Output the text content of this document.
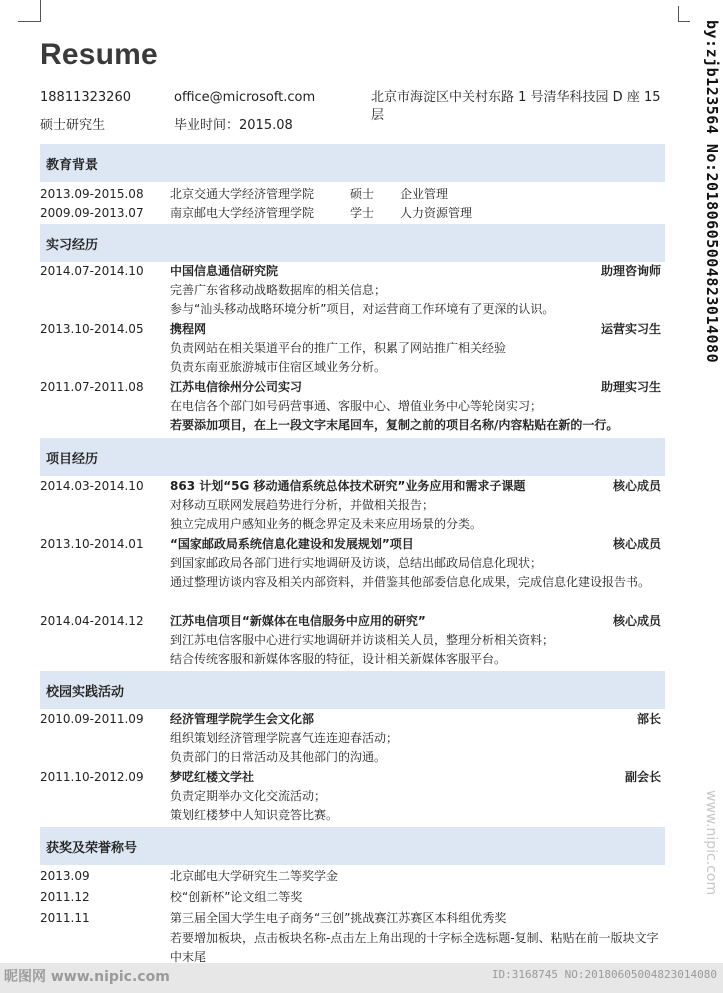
Resume
18811323260	office@microsoft.com	北京市海淀区中关村东路 1 号清华科技园 D 座 15 层
硕士研究生	毕业时间：2015.08
教育背景
2013.09-2015.08 北京交通大学经济管理学院	硕士 企业管理
2009.09-2013.07 南京邮电大学经济管理学院	学士 人力资源管理
实习经历
2014.07-2014.10 中国信息通信研究院	助理咨询师
完善广东省移动战略数据库的相关信息；
参与“汕头移动战略环境分析”项目，对运营商工作环境有了更深的认识。
2013.10-2014.05 携程网	运营实习生
负责网站在相关渠道平台的推广工作，积累了网站推广相关经验
负责东南亚旅游城市住宿区域业务分析。
2011.07-2011.08 江苏电信徐州分公司实习	助理实习生
在电信各个部门如号码营事通、客服中心、增值业务中心等轮岗实习；
若要添加项目，在上一段文字末尾回车，复制之前的项目名称/内容粘贴在新的一行。
项目经历
2014.03-2014.10 863 计划“5G 移动通信系统总体技术研究”业务应用和需求子课题	核心成员
对移动互联网发展趋势进行分析，并做相关报告；
独立完成用户感知业务的概念界定及未来应用场景的分类。
2013.10-2014.01 “国家邮政局系统信息化建设和发展规划”项目	核心成员
到国家邮政局各部门进行实地调研及访谈，总结出邮政局信息化现状；
通过整理访谈内容及相关内部资料，并借鉴其他部委信息化成果，完成信息化建设报告书。
2014.04-2014.12 江苏电信项目“新媒体在电信服务中应用的研究”	核心成员
到江苏电信客服中心进行实地调研并访谈相关人员，整理分析相关资料；
结合传统客服和新媒体客服的特征，设计相关新媒体客服平台。
校园实践活动
2010.09-2011.09 经济管理学院学生会文化部	部长
组织策划经济管理学院喜气连连迎春活动；
负责部门的日常活动及其他部门的沟通。
2011.10-2012.09 梦呓红楼文学社	副会长
负责定期举办文化交流活动；
策划红楼梦中人知识竞答比赛。
获奖及荣誉称号
2013.09	北京邮电大学研究生二等奖学金
2011.12	校“创新杯”论文组二等奖
2011.11	第三届全国大学生电子商务“三创”挑战赛江苏赛区本科组优秀奖
若要增加板块，点击板块名称-点击左上角出现的十字标全选标题-复制、粘贴在前一版块文字中末尾
by:zjb123564 No:20180605004823014080
www.nipic.com
昵图网 www.nipic.com	ID:3168745 NO:20180605004823014080
